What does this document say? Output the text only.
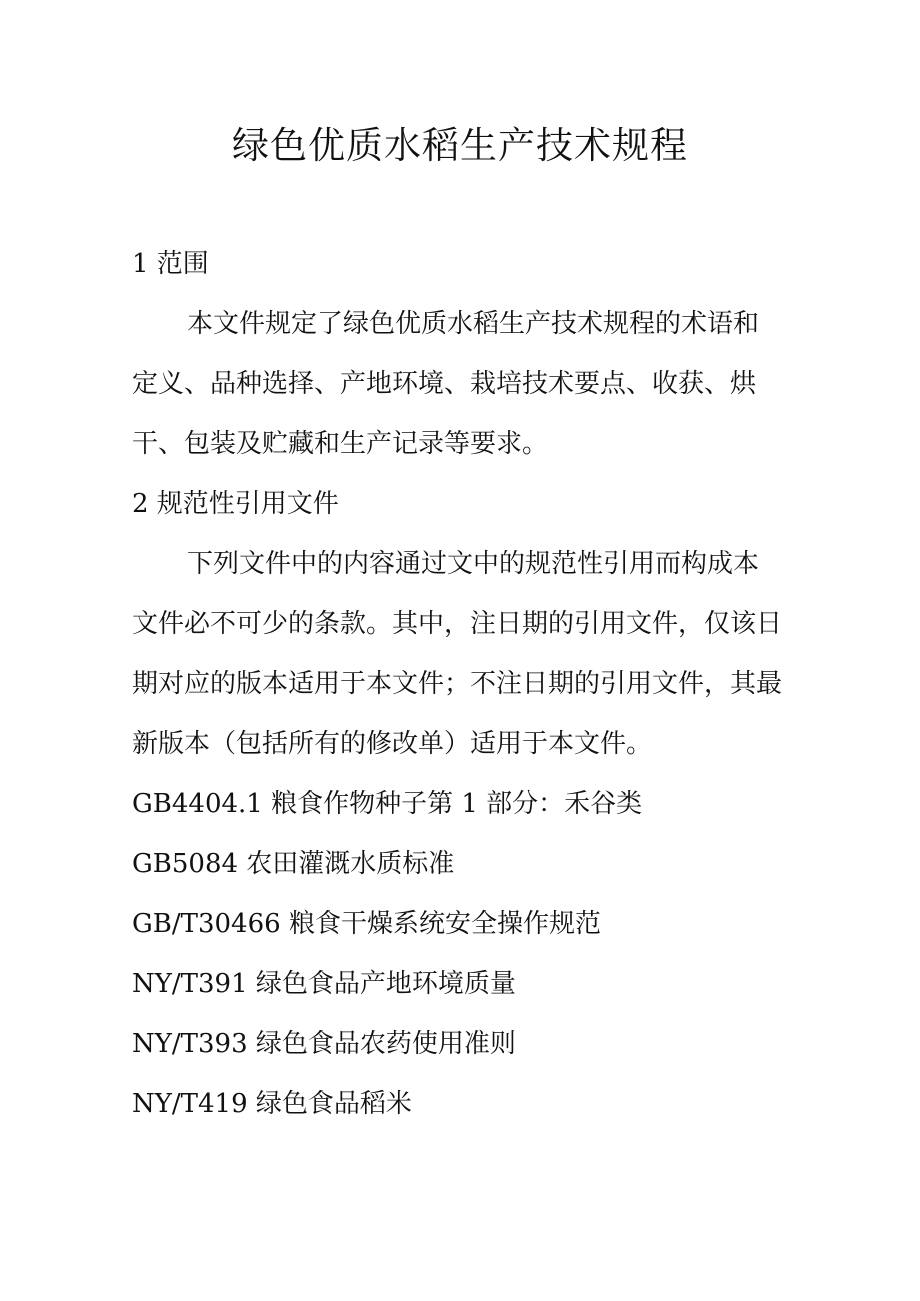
绿色优质水稻生产技术规程

1 范围

本文件规定了绿色优质水稻生产技术规程的术语和

定义、品种选择、产地环境、栽培技术要点、收获、烘

干、包装及贮藏和生产记录等要求。

2 规范性引用文件

下列文件中的内容通过文中的规范性引用而构成本

文件必不可少的条款。其中，注日期的引用文件，仅该日

期对应的版本适用于本文件；不注日期的引用文件，其最

新版本（包括所有的修改单）适用于本文件。

GB4404.1 粮食作物种子第 1 部分：禾谷类

GB5084 农田灌溉水质标准

GB/T30466 粮食干燥系统安全操作规范

NY/T391 绿色食品产地环境质量

NY/T393 绿色食品农药使用准则

NY/T419 绿色食品稻米
